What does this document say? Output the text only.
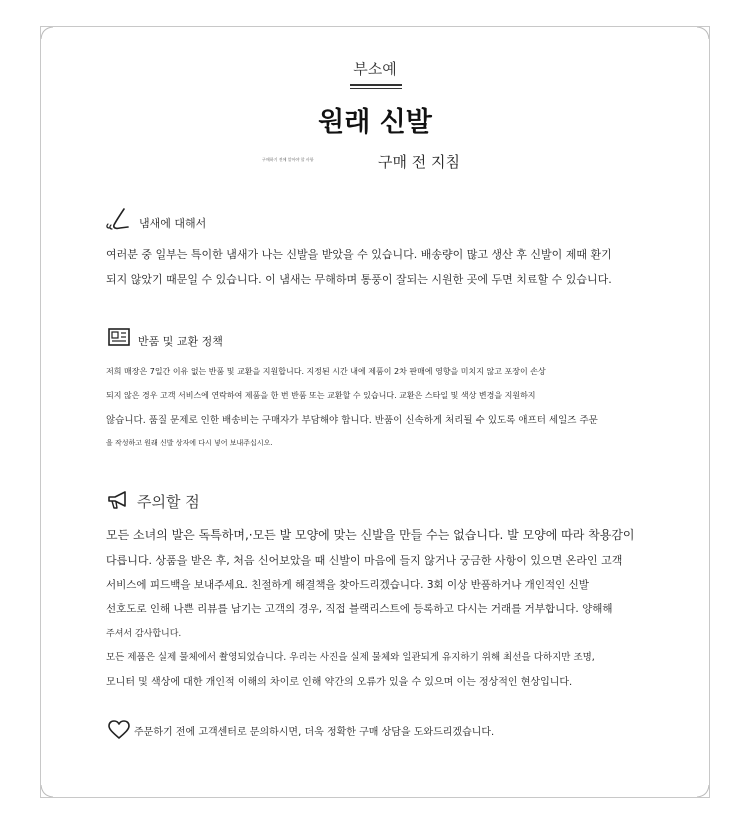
부소예
원래 신발
구매하기 전에 알아야 할 사항	구매 전 지침
냄새에 대해서
여러분 중 일부는 특이한 냄새가 나는 신발을 받았을 수 있습니다. 배송량이 많고 생산 후 신발이 제때 환기
되지 않았기 때문일 수 있습니다. 이 냄새는 무해하며 통풍이 잘되는 시원한 곳에 두면 치료할 수 있습니다.
반품 및 교환 정책
저희 매장은 7일간 이유 없는 반품 및 교환을 지원합니다. 지정된 시간 내에 제품이 2차 판매에 영향을 미치지 않고 포장이 손상
되지 않은 경우 고객 서비스에 연락하여 제품을 한 번 반품 또는 교환할 수 있습니다. 교환은 스타일 및 색상 변경을 지원하지
않습니다. 품질 문제로 인한 배송비는 구매자가 부담해야 합니다. 반품이 신속하게 처리될 수 있도록 애프터 세일즈 주문
을 작성하고 원래 신발 상자에 다시 넣어 보내주십시오.
주의할 점
모든 소녀의 발은 독특하며,·모든 발 모양에 맞는 신발을 만들 수는 없습니다. 발 모양에 따라 착용감이
다릅니다. 상품을 받은 후, 처음 신어보았을 때 신발이 마음에 들지 않거나 궁금한 사항이 있으면 온라인 고객
서비스에 피드백을 보내주세요. 친절하게 해결책을 찾아드리겠습니다. 3회 이상 반품하거나 개인적인 신발
선호도로 인해 나쁜 리뷰를 남기는 고객의 경우, 직접 블랙리스트에 등록하고 다시는 거래를 거부합니다. 양해해
주셔서 감사합니다.
모든 제품은 실제 물체에서 촬영되었습니다. 우리는 사진을 실제 물체와 일관되게 유지하기 위해 최선을 다하지만 조명,
모니터 및 색상에 대한 개인적 이해의 차이로 인해 약간의 오류가 있을 수 있으며 이는 정상적인 현상입니다.
주문하기 전에 고객센터로 문의하시면, 더욱 정확한 구매 상담을 도와드리겠습니다.
